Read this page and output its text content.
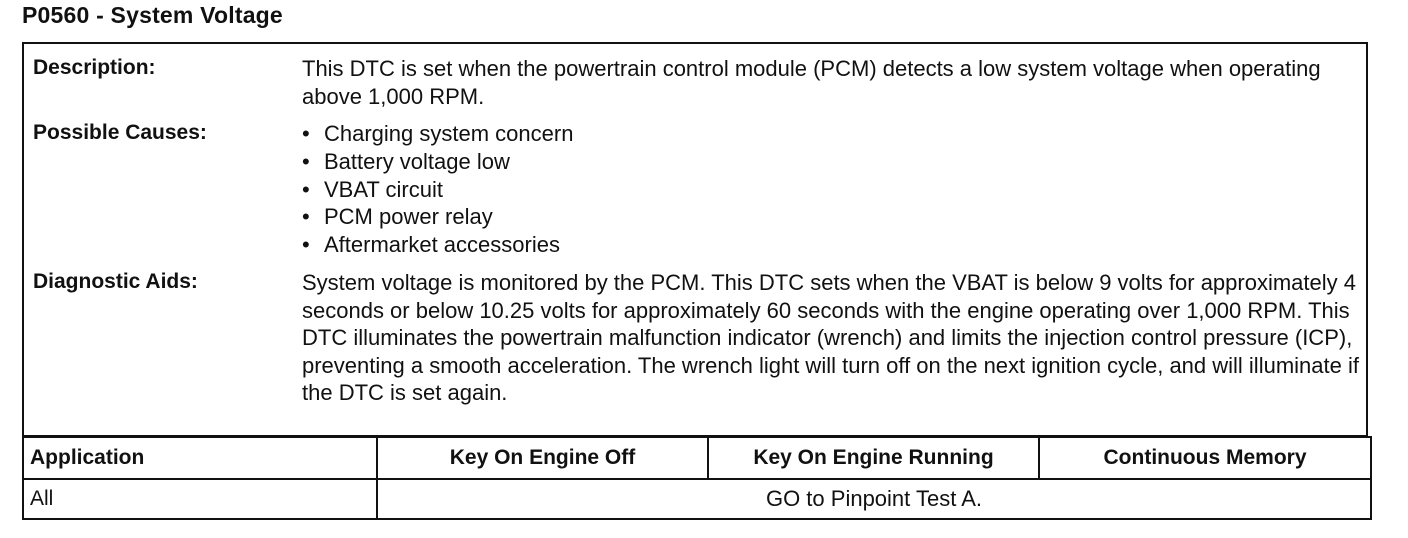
P0560 - System Voltage
Description:	This DTC is set when the powertrain control module (PCM) detects a low system voltage when operating above 1,000 RPM.
Possible Causes:	• Charging system concern
• Battery voltage low
• VBAT circuit
• PCM power relay
• Aftermarket accessories
Diagnostic Aids:	System voltage is monitored by the PCM. This DTC sets when the VBAT is below 9 volts for approximately 4 seconds or below 10.25 volts for approximately 60 seconds with the engine operating over 1,000 RPM. This DTC illuminates the powertrain malfunction indicator (wrench) and limits the injection control pressure (ICP), preventing a smooth acceleration. The wrench light will turn off on the next ignition cycle, and will illuminate if the DTC is set again.
Application	Key On Engine Off	Key On Engine Running	Continuous Memory
All	GO to Pinpoint Test A.		
